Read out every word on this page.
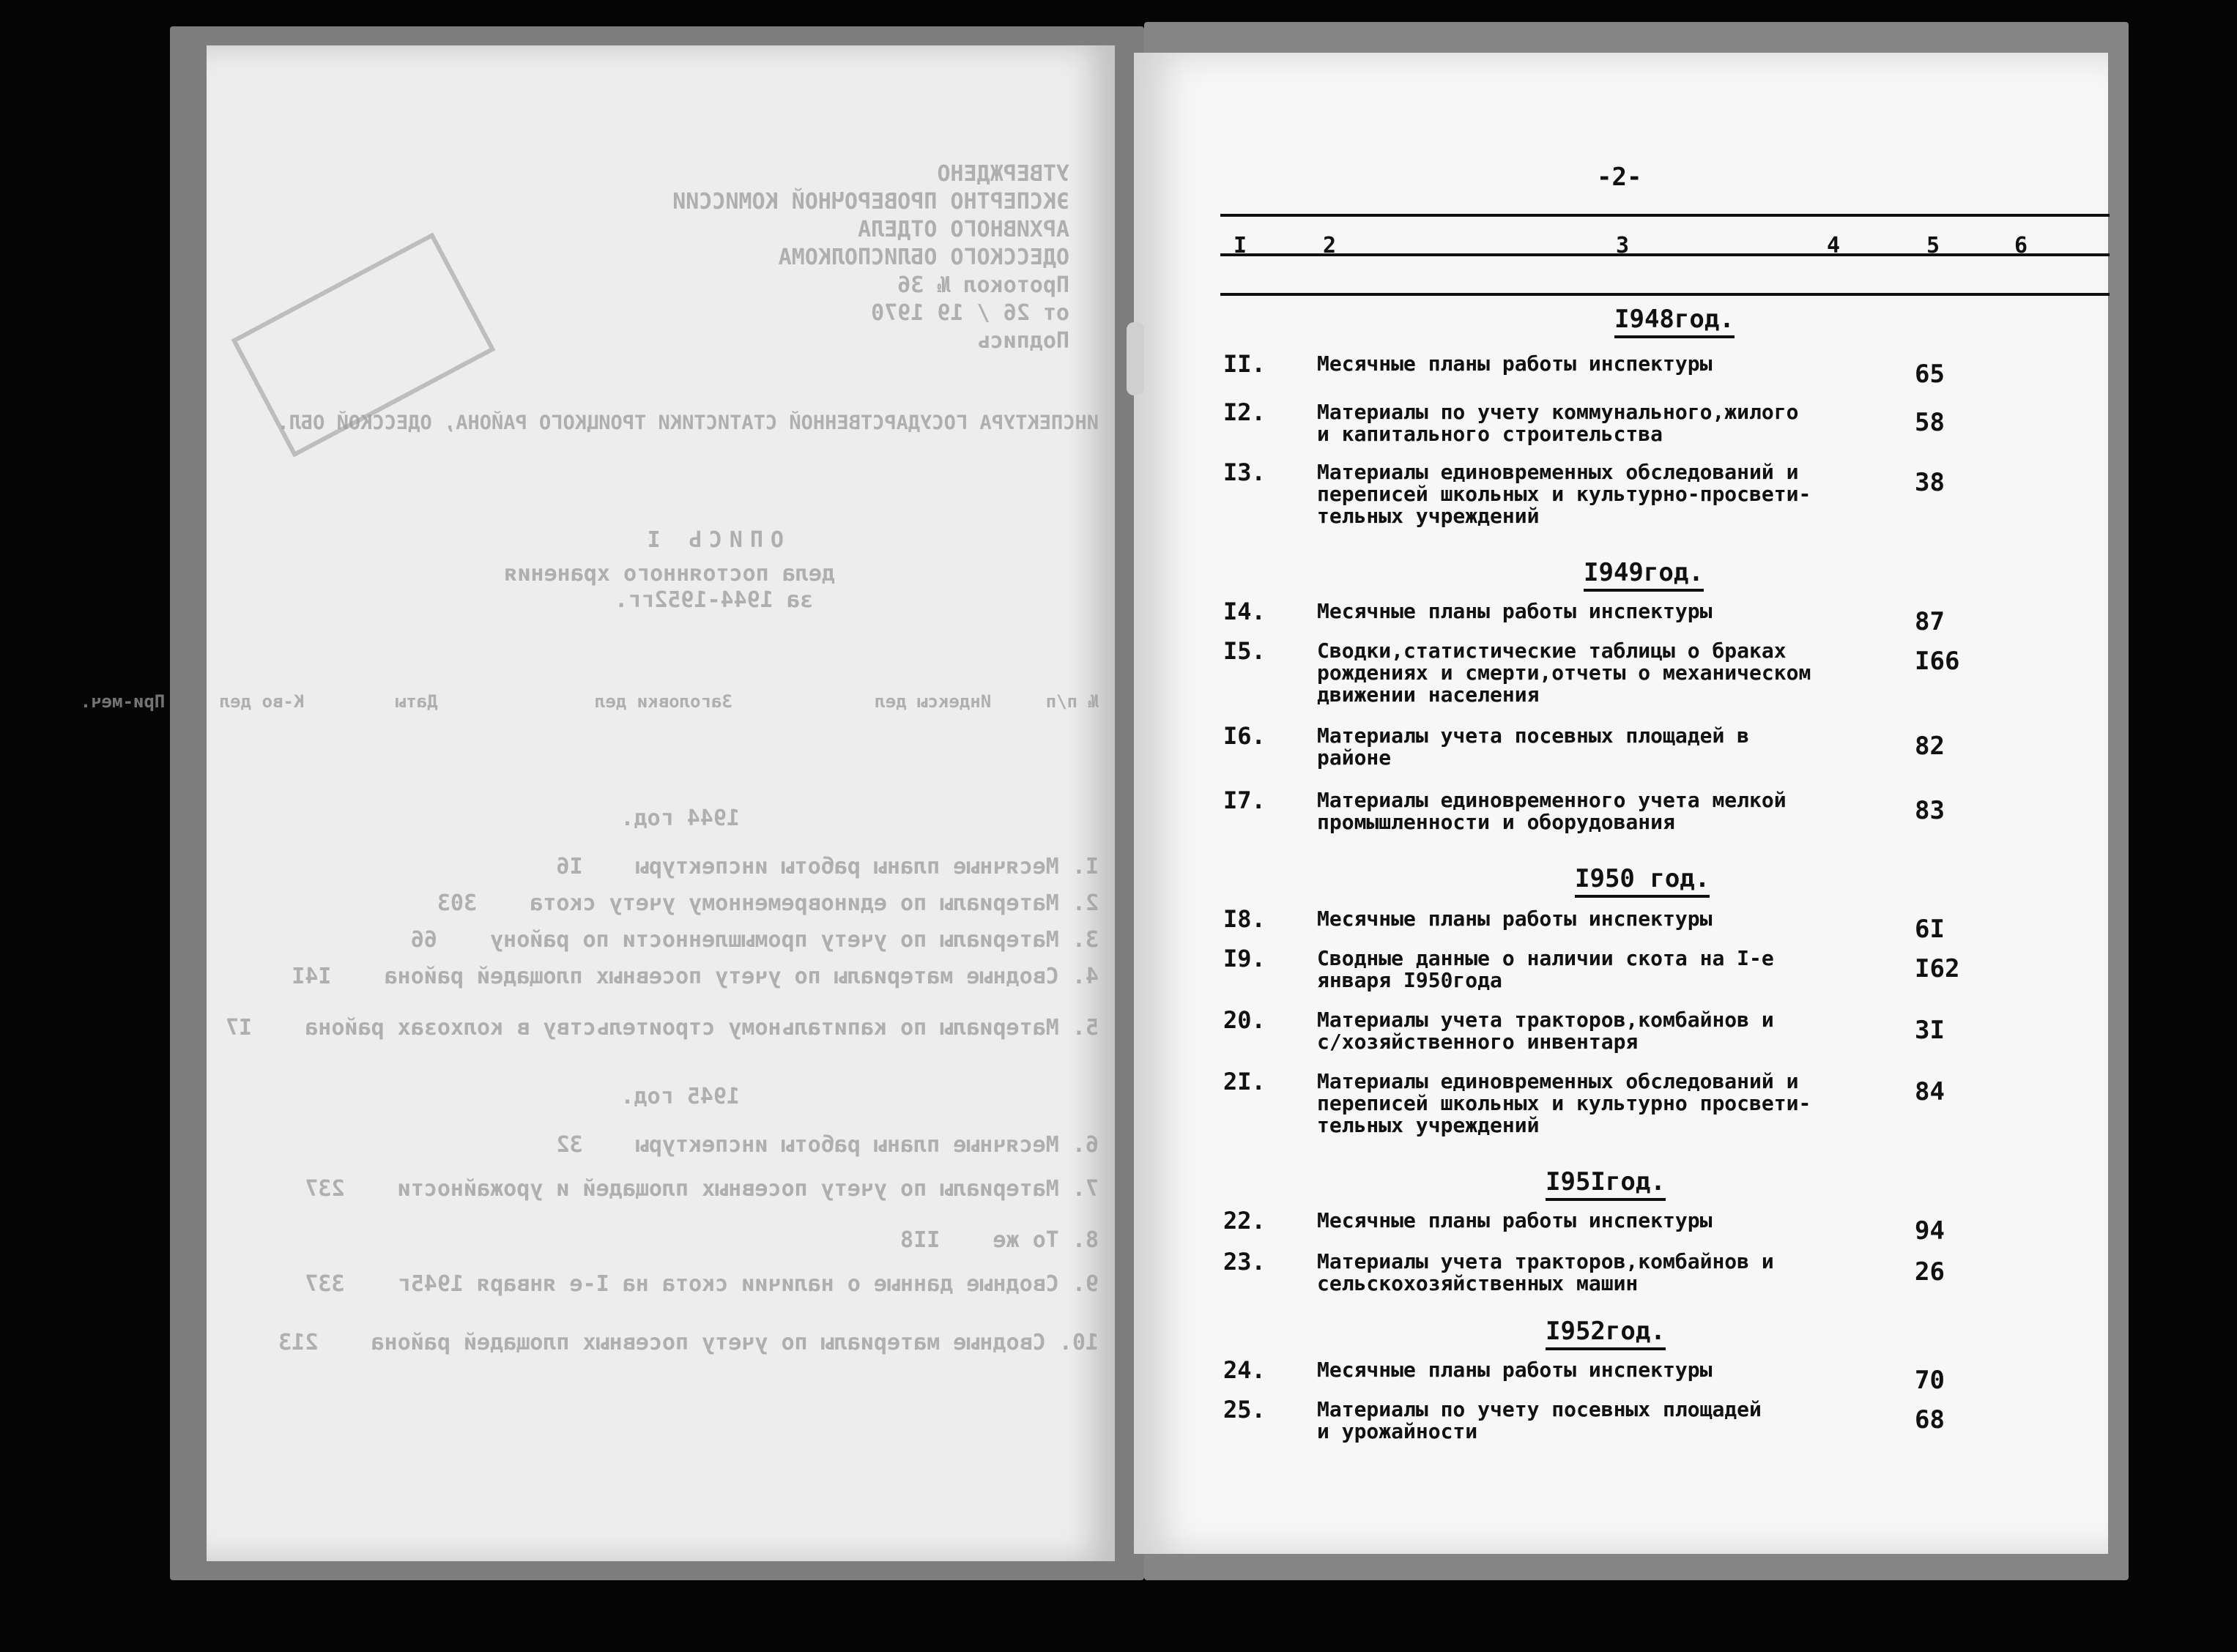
УТВЕРЖДЕНО
ЭКСПЕРТНО ПРОВЕРОЧНОЙ КОМИССИИ
АРХИВНОГО ОТДЕЛА
ОДЕССКОГО ОБЛИСПОЛКОМА
Протокол № 36
от 26 / 19 1970
Подпись
ИНСПЕКТУРА ГОСУДАРСТВЕННОЙ СТАТИСТИКИ ТРОИЦКОГО РАЙОНА, ОДЕССКОЙ ОБЛ.
ОПИСЬ I
дела постоянного хранения
за 1944-1952гг.
№ п/п Индексы дел Заголовки дел Даты К-во дел При-меч.
1944 год.
I. Месячные планы работы инспектуры    I6
2. Материалы по единовременному учету скота    303
3. Материалы по учету промышленности по району    66
4. Сводные материалы по учету посевных площадей района    I4I
5. Материалы по капитальному строительству в колхозах района    I7
1945 год.
6. Месячные планы работы инспектуры    32
7. Материалы по учету посевных площадей и урожайности    237
8. То же    II8
9. Сводные данные о наличии скота на I-е января 1945г    337
10. Сводные материалы по учету посевных площадей района    213
-2-
I	2	3	4	5	6
I948год.
II.	Месячные планы работы инспектуры	65
I2.	Материалы по учету коммунального,жилого
и капитального строительства	58
I3.	Материалы единовременных обследований и
переписей школьных и культурно-просвети-
тельных учреждений
38
I949год.
I4.	Месячные планы работы инспектуры	87
I5.	Сводки,статистические таблицы о браках
рождениях и смерти,отчеты о механическом
движении населения
I66
I6.	Материалы учета посевных площадей в
районе	82
I7.	Материалы единовременного учета мелкой
промышленности и оборудования	83
I950 год.
I8.	Месячные планы работы инспектуры	6I
I9.	Сводные данные о наличии скота на I-е
января I950года	I62
20.	Материалы учета тракторов,комбайнов и
с/хозяйственного инвентаря	3I
2I.	Материалы единовременных обследований и
переписей школьных и культурно просвети-
тельных учреждений
84
I95Iгод.
22.	Месячные планы работы инспектуры	94
23.	Материалы учета тракторов,комбайнов и
сельскохозяйственных машин	26
I952год.
24.	Месячные планы работы инспектуры	70
25.	Материалы по учету посевных площадей
и урожайности	68
